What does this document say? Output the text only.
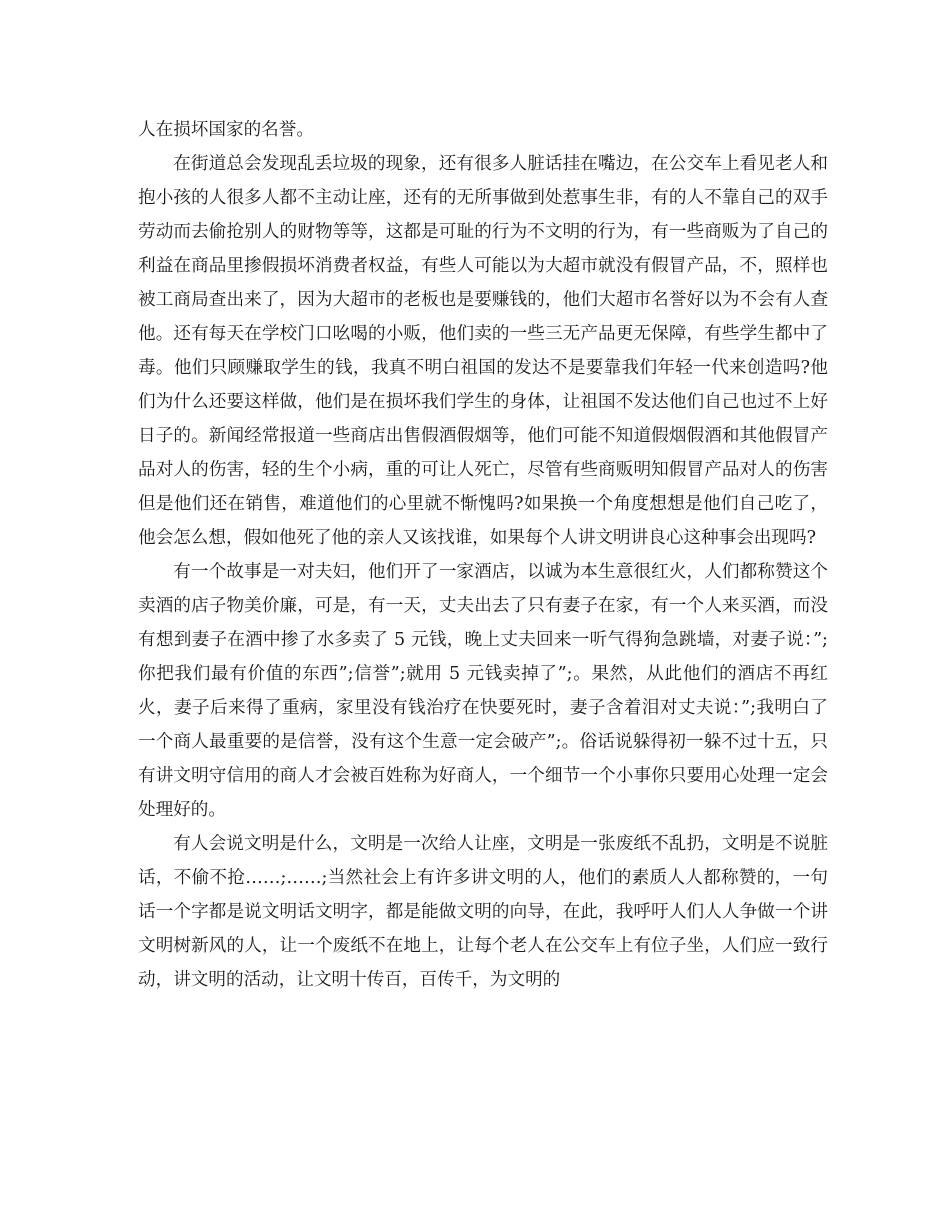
人在损坏国家的名誉。

在街道总会发现乱丢垃圾的现象，还有很多人脏话挂在嘴边，在公交车上看见老人和抱小孩的人很多人都不主动让座，还有的无所事做到处惹事生非，有的人不靠自己的双手劳动而去偷抢别人的财物等等，这都是可耻的行为不文明的行为，有一些商贩为了自己的利益在商品里掺假损坏消费者权益，有些人可能以为大超市就没有假冒产品，不，照样也被工商局查出来了，因为大超市的老板也是要赚钱的，他们大超市名誉好以为不会有人查他。还有每天在学校门口吆喝的小贩，他们卖的一些三无产品更无保障，有些学生都中了毒。他们只顾赚取学生的钱，我真不明白祖国的发达不是要靠我们年轻一代来创造吗?他们为什么还要这样做，他们是在损坏我们学生的身体，让祖国不发达他们自己也过不上好日子的。新闻经常报道一些商店出售假酒假烟等，他们可能不知道假烟假酒和其他假冒产品对人的伤害，轻的生个小病，重的可让人死亡，尽管有些商贩明知假冒产品对人的伤害但是他们还在销售，难道他们的心里就不惭愧吗?如果换一个角度想想是他们自己吃了，他会怎么想，假如他死了他的亲人又该找谁，如果每个人讲文明讲良心这种事会出现吗?

有一个故事是一对夫妇，他们开了一家酒店，以诚为本生意很红火，人们都称赞这个卖酒的店子物美价廉，可是，有一天，丈夫出去了只有妻子在家，有一个人来买酒，而没有想到妻子在酒中掺了水多卖了 5 元钱，晚上丈夫回来一听气得狗急跳墙，对妻子说：”;你把我们最有价值的东西”;信誉”;就用 5 元钱卖掉了”;。果然，从此他们的酒店不再红火，妻子后来得了重病，家里没有钱治疗在快要死时，妻子含着泪对丈夫说：”;我明白了一个商人最重要的是信誉，没有这个生意一定会破产”;。俗话说躲得初一躲不过十五，只有讲文明守信用的商人才会被百姓称为好商人，一个细节一个小事你只要用心处理一定会处理好的。

有人会说文明是什么，文明是一次给人让座，文明是一张废纸不乱扔，文明是不说脏话，不偷不抢……;……;当然社会上有许多讲文明的人，他们的素质人人都称赞的，一句话一个字都是说文明话文明字，都是能做文明的向导，在此，我呼吁人们人人争做一个讲文明树新风的人，让一个废纸不在地上，让每个老人在公交车上有位子坐，人们应一致行动，讲文明的活动，让文明十传百，百传千，为文明的
